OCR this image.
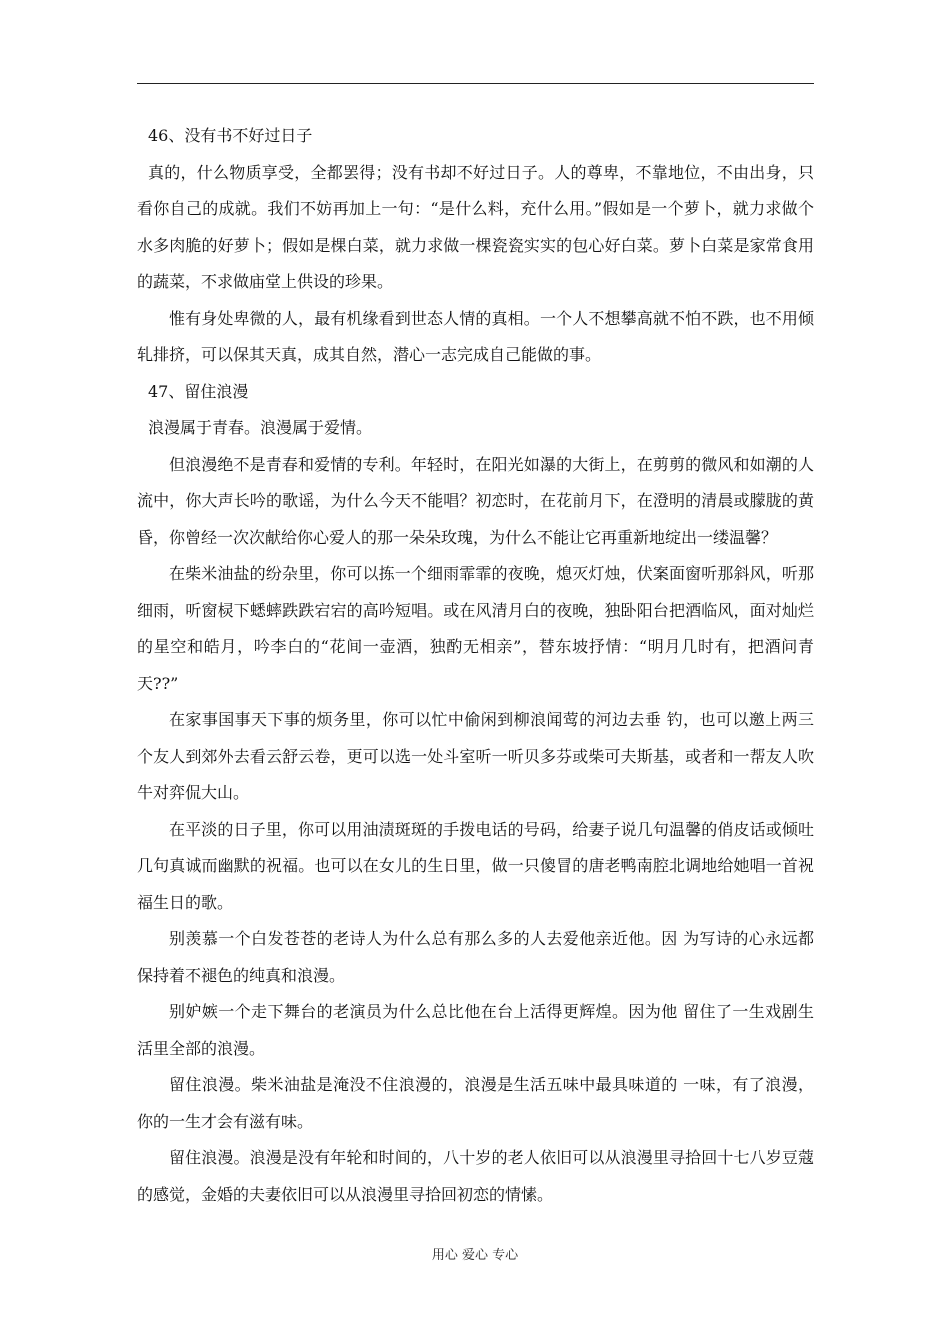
46、没有书不好过日子

真的，什么物质享受，全都罢得；没有书却不好过日子。人的尊卑，不靠地位，不由出身，只看你自己的成就。我们不妨再加上一句：“是什么料，充什么用。”假如是一个萝卜，就力求做个水多肉脆的好萝卜；假如是棵白菜，就力求做一棵瓷瓷实实的包心好白菜。萝卜白菜是家常食用的蔬菜，不求做庙堂上供设的珍果。

惟有身处卑微的人，最有机缘看到世态人情的真相。一个人不想攀高就不怕不跌，也不用倾轧排挤，可以保其天真，成其自然，潜心一志完成自己能做的事。

47、留住浪漫

浪漫属于青春。浪漫属于爱情。

但浪漫绝不是青春和爱情的专利。年轻时，在阳光如瀑的大街上，在剪剪的微风和如潮的人流中，你大声长吟的歌谣，为什么今天不能唱？初恋时，在花前月下，在澄明的清晨或朦胧的黄昏，你曾经一次次献给你心爱人的那一朵朵玫瑰，为什么不能让它再重新地绽出一缕温馨？

在柴米油盐的纷杂里，你可以拣一个细雨霏霏的夜晚，熄灭灯烛，伏案面窗听那斜风，听那细雨，听窗棂下蟋蟀跌跌宕宕的高吟短唱。或在风清月白的夜晚，独卧阳台把酒临风，面对灿烂的星空和皓月，吟李白的“花间一壶酒，独酌无相亲”，替东坡抒情：“明月几时有，把酒问青天??”

在家事国事天下事的烦务里，你可以忙中偷闲到柳浪闻莺的河边去垂 钓，也可以邀上两三个友人到郊外去看云舒云卷，更可以选一处斗室听一听贝多芬或柴可夫斯基，或者和一帮友人吹牛对弈侃大山。

在平淡的日子里，你可以用油渍斑斑的手拨电话的号码，给妻子说几句温馨的俏皮话或倾吐几句真诚而幽默的祝福。也可以在女儿的生日里，做一只傻冒的唐老鸭南腔北调地给她唱一首祝福生日的歌。

别羡慕一个白发苍苍的老诗人为什么总有那么多的人去爱他亲近他。因 为写诗的心永远都保持着不褪色的纯真和浪漫。

别妒嫉一个走下舞台的老演员为什么总比他在台上活得更辉煌。因为他 留住了一生戏剧生活里全部的浪漫。

留住浪漫。柴米油盐是淹没不住浪漫的，浪漫是生活五味中最具味道的 一味，有了浪漫，你的一生才会有滋有味。

留住浪漫。浪漫是没有年轮和时间的，八十岁的老人依旧可以从浪漫里寻拾回十七八岁豆蔻的感觉，金婚的夫妻依旧可以从浪漫里寻拾回初恋的情愫。

用心 爱心 专心
